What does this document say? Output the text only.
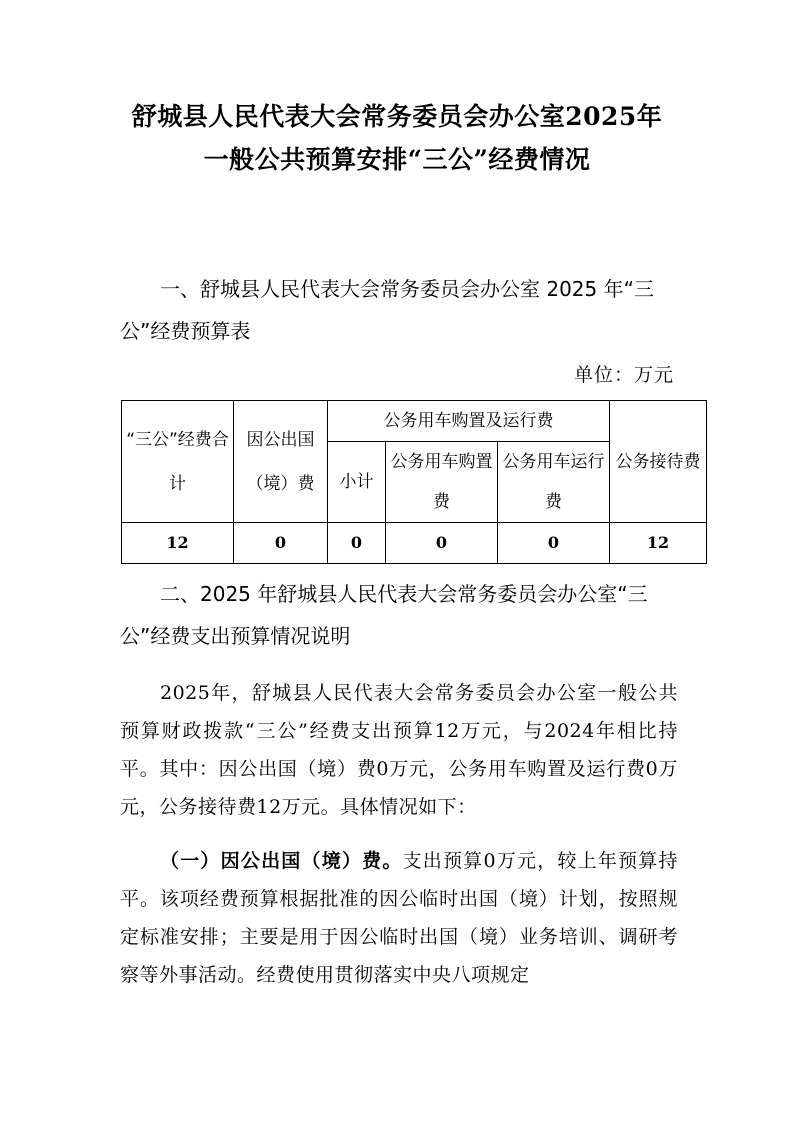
舒城县人民代表大会常务委员会办公室2025年
一般公共预算安排“三公”经费情况

一、舒城县人民代表大会常务委员会办公室 2025 年“三公”经费预算表

单位：万元
“三公”经费合计	因公出国（境）费	公务用车购置及运行费			公务接待费
		小计	公务用车购置费	公务用车运行费	
12	0	0	0	0	12

二、2025 年舒城县人民代表大会常务委员会办公室“三公”经费支出预算情况说明

2025年，舒城县人民代表大会常务委员会办公室一般公共预算财政拨款“三公”经费支出预算12万元，与2024年相比持平。其中：因公出国（境）费0万元，公务用车购置及运行费0万元，公务接待费12万元。具体情况如下：

（一）因公出国（境）费。支出预算0万元，较上年预算持平。该项经费预算根据批准的因公临时出国（境）计划，按照规定标准安排；主要是用于因公临时出国（境）业务培训、调研考察等外事活动。经费使用贯彻落实中央八项规定
